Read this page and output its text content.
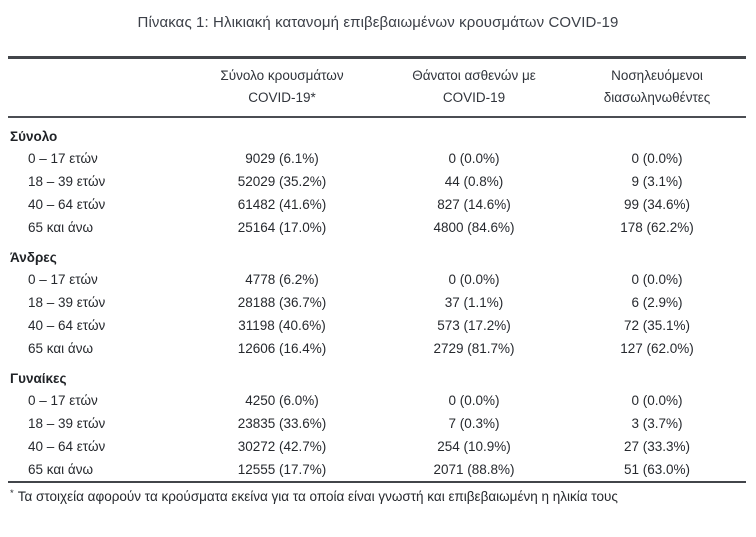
Πίνακας 1: Ηλικιακή κατανομή επιβεβαιωμένων κρουσμάτων COVID-19

Σύνολο κρουσμάτων
COVID-19*

Θάνατοι ασθενών με
COVID-19

Νοσηλευόμενοι
διασωληνωθέντες

Σύνολο			
0 – 17 ετών	9029 (6.1%)	0 (0.0%)	0 (0.0%)
18 – 39 ετών	52029 (35.2%)	44 (0.8%)	9 (3.1%)
40 – 64 ετών	61482 (41.6%)	827 (14.6%)	99 (34.6%)
65 και άνω	25164 (17.0%)	4800 (84.6%)	178 (62.2%)
Άνδρες			
0 – 17 ετών	4778 (6.2%)	0 (0.0%)	0 (0.0%)
18 – 39 ετών	28188 (36.7%)	37 (1.1%)	6 (2.9%)
40 – 64 ετών	31198 (40.6%)	573 (17.2%)	72 (35.1%)
65 και άνω	12606 (16.4%)	2729 (81.7%)	127 (62.0%)
Γυναίκες			
0 – 17 ετών	4250 (6.0%)	0 (0.0%)	0 (0.0%)
18 – 39 ετών	23835 (33.6%)	7 (0.3%)	3 (3.7%)
40 – 64 ετών	30272 (42.7%)	254 (10.9%)	27 (33.3%)
65 και άνω	12555 (17.7%)	2071 (88.8%)	51 (63.0%)
* Τα στοιχεία αφορούν τα κρούσματα εκείνα για τα οποία είναι γνωστή και επιβεβαιωμένη η ηλικία τους
